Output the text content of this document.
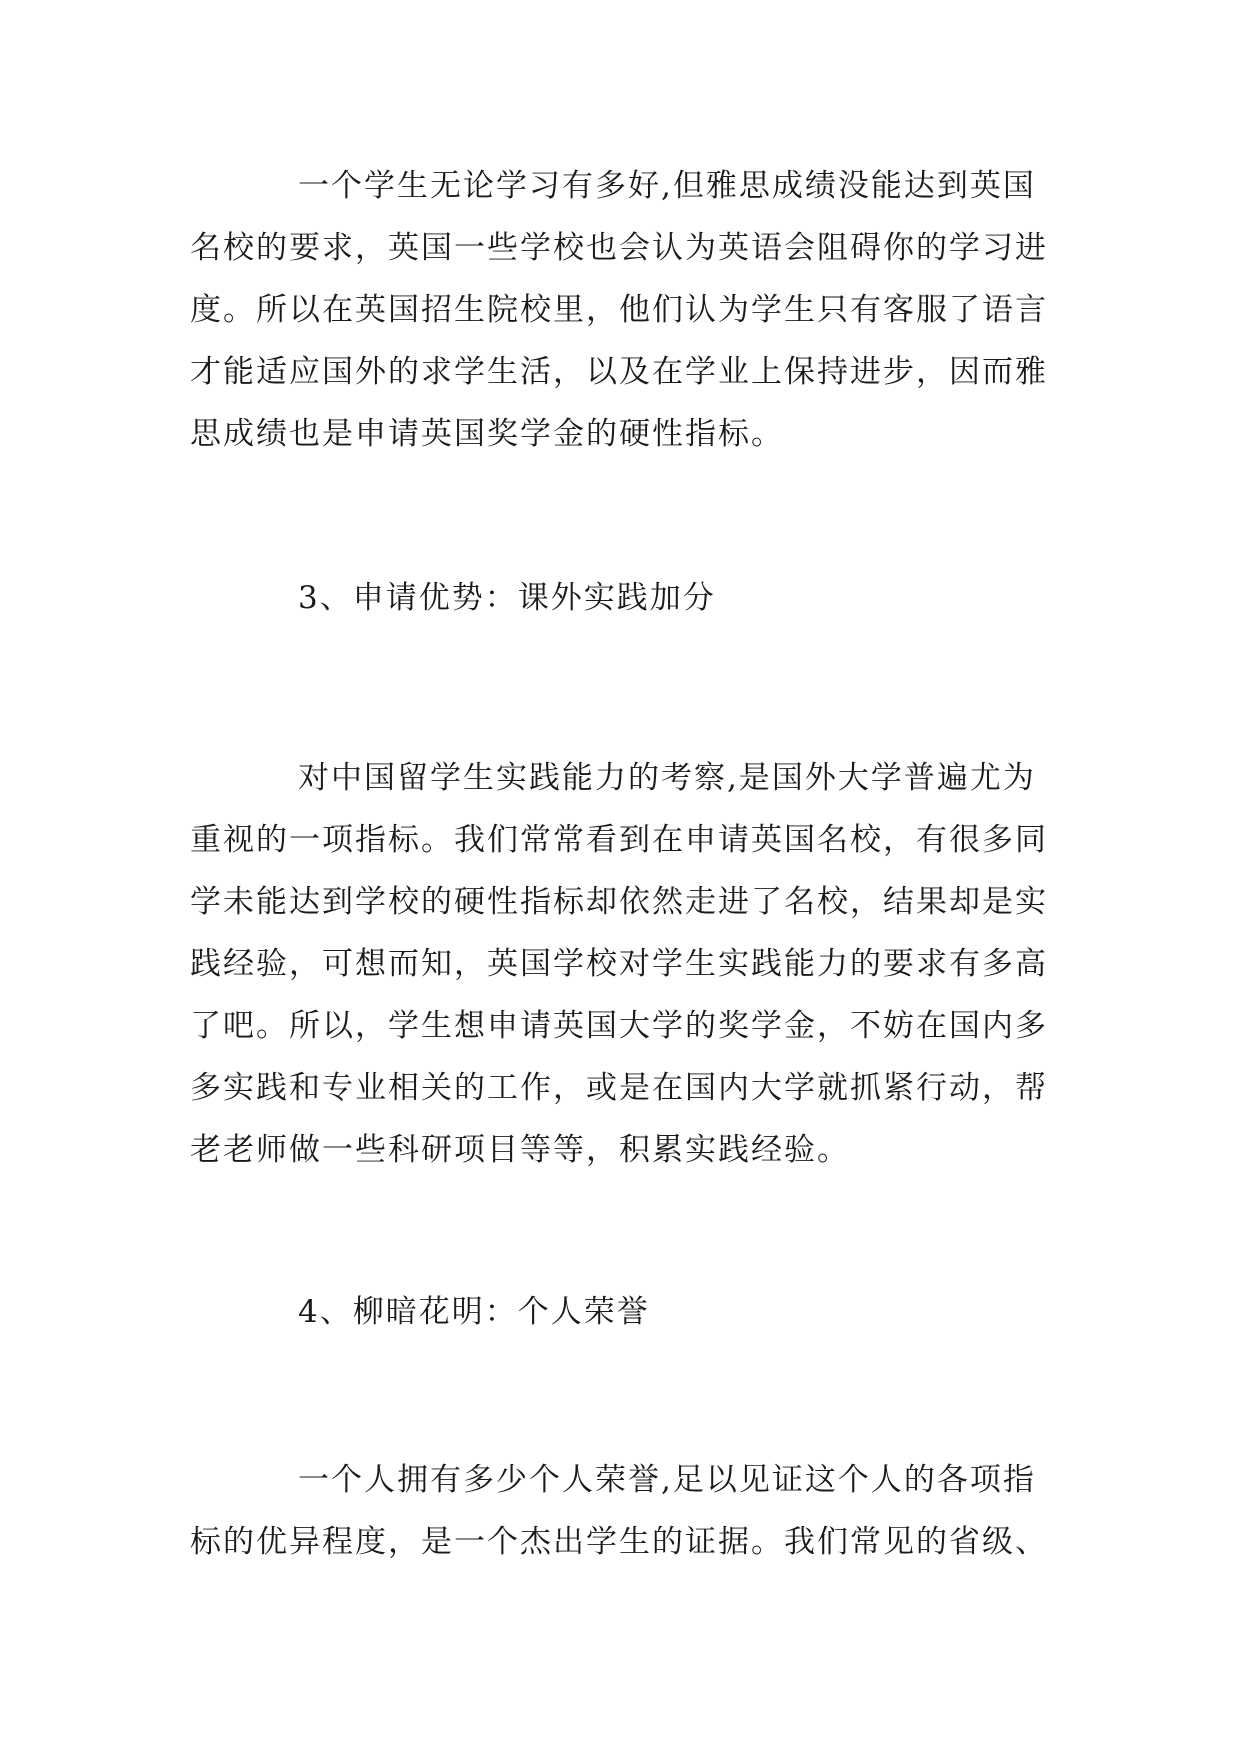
一个学生无论学习有多好,但雅思成绩没能达到英国
名校的要求，英国一些学校也会认为英语会阻碍你的学习进
度。所以在英国招生院校里，他们认为学生只有客服了语言
才能适应国外的求学生活，以及在学业上保持进步，因而雅
思成绩也是申请英国奖学金的硬性指标。
3、申请优势：课外实践加分
对中国留学生实践能力的考察,是国外大学普遍尤为
重视的一项指标。我们常常看到在申请英国名校，有很多同
学未能达到学校的硬性指标却依然走进了名校，结果却是实
践经验，可想而知，英国学校对学生实践能力的要求有多高
了吧。所以，学生想申请英国大学的奖学金，不妨在国内多
多实践和专业相关的工作，或是在国内大学就抓紧行动，帮
老老师做一些科研项目等等，积累实践经验。
4、柳暗花明：个人荣誉
一个人拥有多少个人荣誉,足以见证这个人的各项指
标的优异程度，是一个杰出学生的证据。我们常见的省级、
